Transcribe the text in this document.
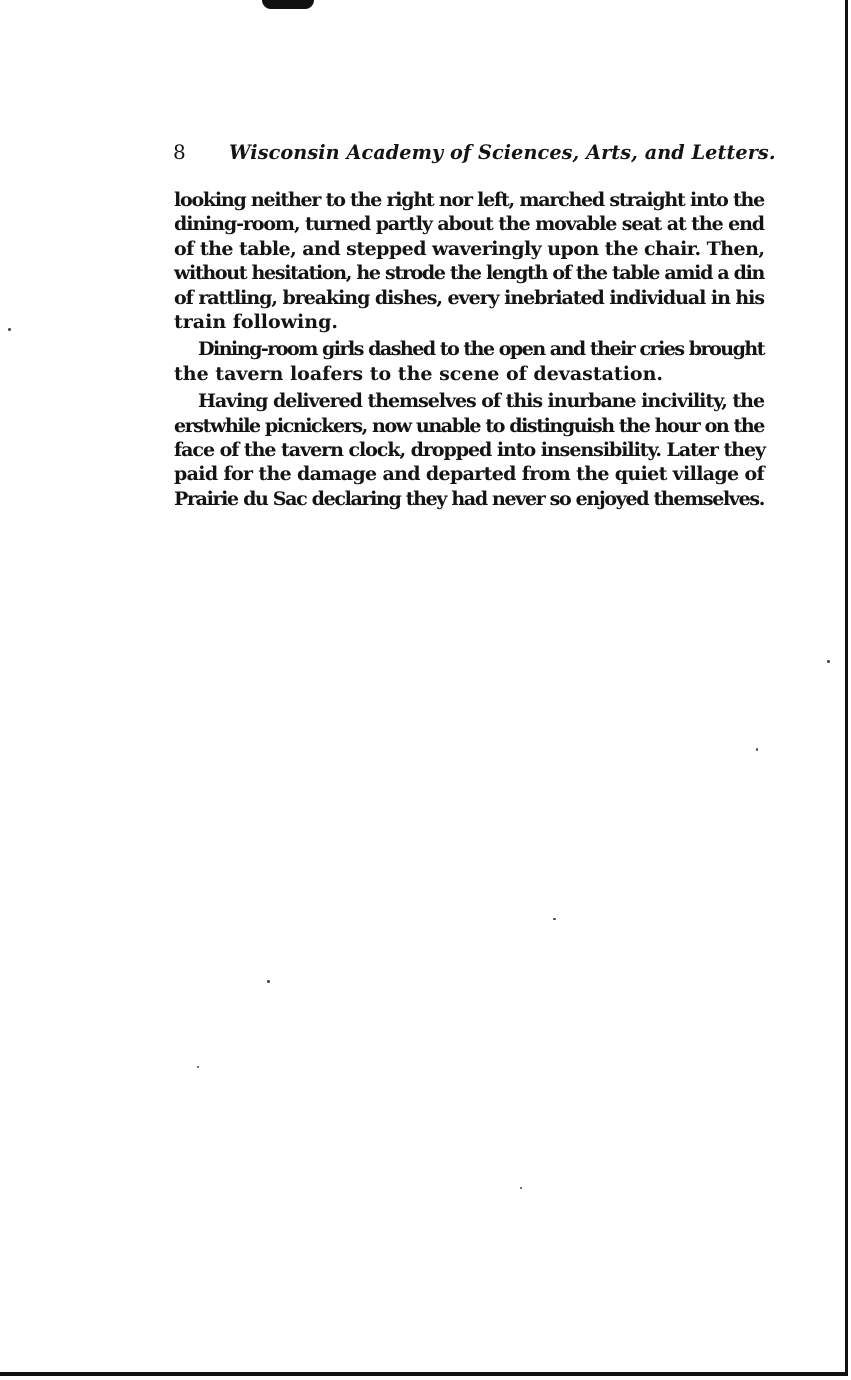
8 Wisconsin Academy of Sciences, Arts, and Letters.

looking neither to the right nor left, marched straight into the
dining-room, turned partly about the movable seat at the end
of the table, and stepped waveringly upon the chair. Then,
without hesitation, he strode the length of the table amid a din
of rattling, breaking dishes, every inebriated individual in his
train following.

Dining-room girls dashed to the open and their cries brought
the tavern loafers to the scene of devastation.

Having delivered themselves of this inurbane incivility, the
erstwhile picnickers, now unable to distinguish the hour on the
face of the tavern clock, dropped into insensibility. Later they
paid for the damage and departed from the quiet village of
Prairie du Sac declaring they had never so enjoyed themselves.
